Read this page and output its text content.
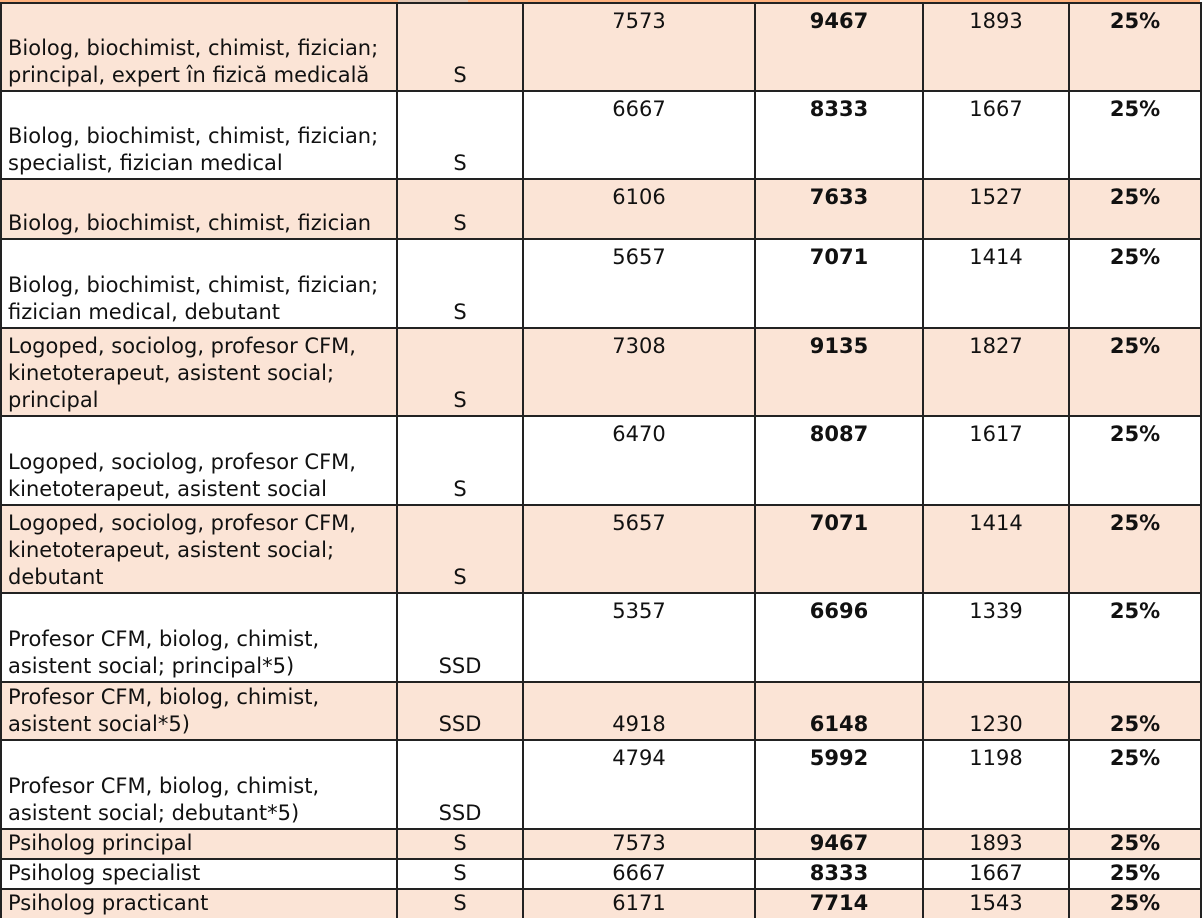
Biolog, biochimist, chimist, fizician; principal, expert în fizică medicală	S	7573	9467	1893	25%
Biolog, biochimist, chimist, fizician; specialist, fizician medical	S	6667	8333	1667	25%
Biolog, biochimist, chimist, fizician	S	6106	7633	1527	25%
Biolog, biochimist, chimist, fizician; fizician medical, debutant	S	5657	7071	1414	25%
Logoped, sociolog, profesor CFM, kinetoterapeut, asistent social; principal	S	7308	9135	1827	25%
Logoped, sociolog, profesor CFM, kinetoterapeut, asistent social	S	6470	8087	1617	25%
Logoped, sociolog, profesor CFM, kinetoterapeut, asistent social; debutant	S	5657	7071	1414	25%
Profesor CFM, biolog, chimist, asistent social; principal*5)	SSD	5357	6696	1339	25%
Profesor CFM, biolog, chimist, asistent social*5)	SSD	4918	6148	1230	25%
Profesor CFM, biolog, chimist, asistent social; debutant*5)	SSD	4794	5992	1198	25%
Psiholog principal	S	7573	9467	1893	25%
Psiholog specialist	S	6667	8333	1667	25%
Psiholog practicant	S	6171	7714	1543	25%
